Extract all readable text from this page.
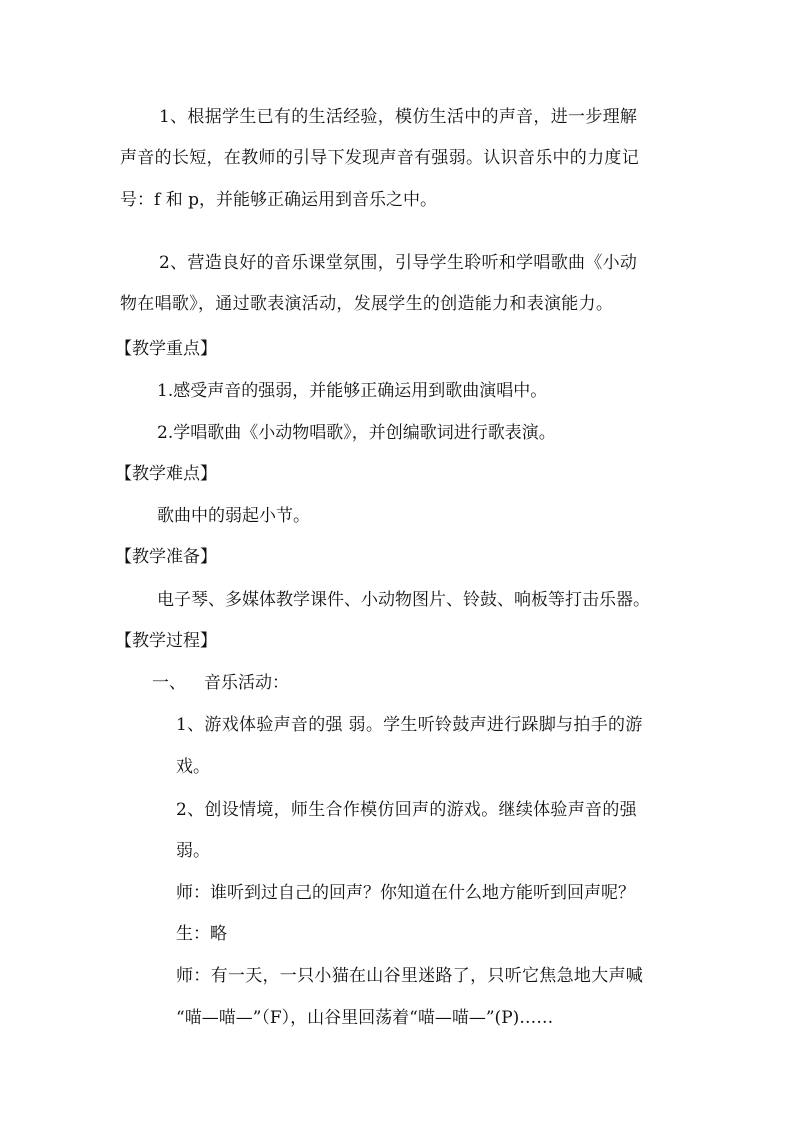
1、根据学生已有的生活经验，模仿生活中的声音，进一步理解
声音的长短，在教师的引导下发现声音有强弱。认识音乐中的力度记
号：f 和 p，并能够正确运用到音乐之中。
2、营造良好的音乐课堂氛围，引导学生聆听和学唱歌曲《小动
物在唱歌》，通过歌表演活动，发展学生的创造能力和表演能力。
【教学重点】
1.感受声音的强弱，并能够正确运用到歌曲演唱中。
2.学唱歌曲《小动物唱歌》，并创编歌词进行歌表演。
【教学难点】
歌曲中的弱起小节。
【教学准备】
电子琴、多媒体教学课件、小动物图片、铃鼓、响板等打击乐器。
【教学过程】
一、 音乐活动：
1、游戏体验声音的强 弱。学生听铃鼓声进行跺脚与拍手的游
戏。
2、创设情境，师生合作模仿回声的游戏。继续体验声音的强
弱。
师：谁听到过自己的回声？你知道在什么地方能听到回声呢？
生：略
师：有一天，一只小猫在山谷里迷路了，只听它焦急地大声喊
“喵—喵—”（F），山谷里回荡着“喵—喵—”(P)……
